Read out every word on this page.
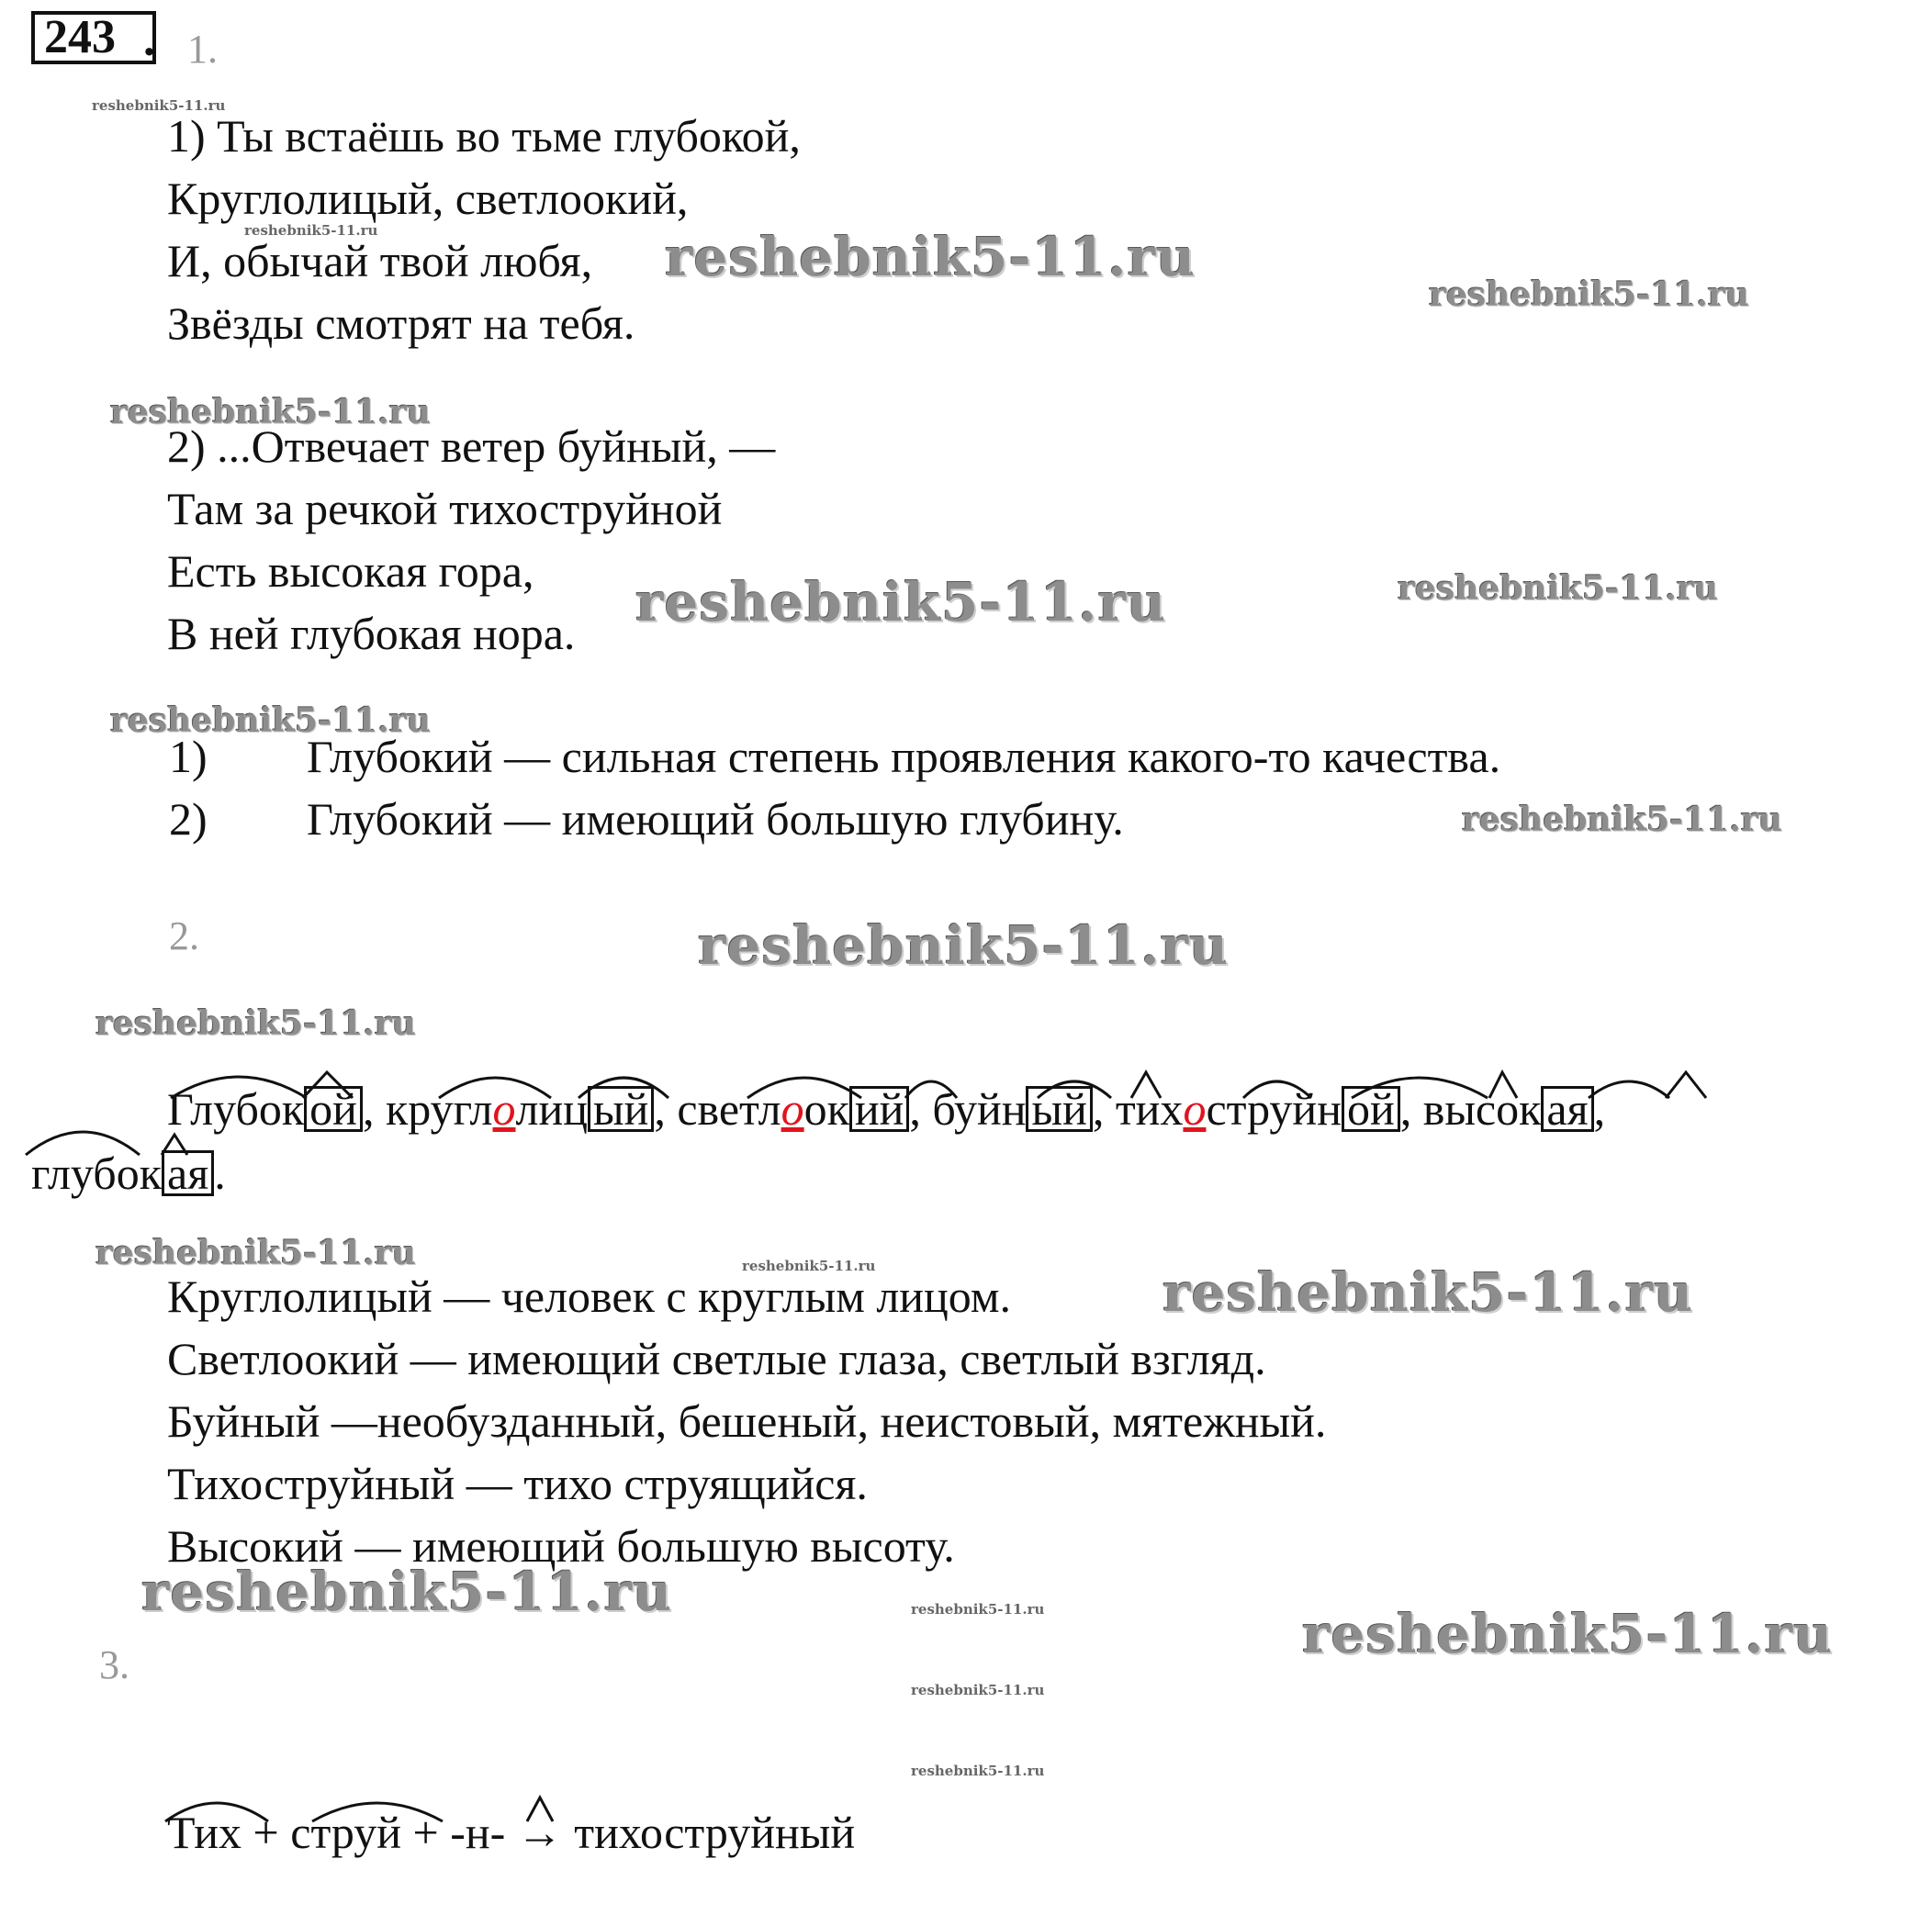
243 . 1.
1) Ты встаёшь во тьме глубокой,
Круглолицый, светлоокий,
И, обычай твой любя,
Звёзды смотрят на тебя.
2) ...Отвечает ветер буйный, —
Там за речкой тихоструйной
Есть высокая гора,
В ней глубокая нора.
1) Глубокий — сильная степень проявления какого-то качества.
2) Глубокий — имеющий большую глубину.
2.
Глубок ой , круглолиц ый , светлоок ий , буйн ый , тихоструйн ой , высок ая ,
глубок ая .
Круглолицый — человек с круглым лицом.
Светлоокий — имеющий светлые глаза, светлый взгляд.
Буйный —необузданный, бешеный, неистовый, мятежный.
Тихоструйный — тихо струящийся.
Высокий — имеющий большую высоту.
3.
Тих + струй + -н- → тихоструйный
reshebnik5-11.ru
reshebnik5-11.ru	reshebnik5-11.ru
reshebnik5-11.ru
reshebnik5-11.ru
reshebnik5-11.ru	reshebnik5-11.ru
reshebnik5-11.ru
reshebnik5-11.ru
reshebnik5-11.ru
reshebnik5-11.ru
reshebnik5-11.ru	reshebnik5-11.ru	reshebnik5-11.ru
reshebnik5-11.ru	reshebnik5-11.ru	reshebnik5-11.ru
reshebnik5-11.ru
reshebnik5-11.ru
